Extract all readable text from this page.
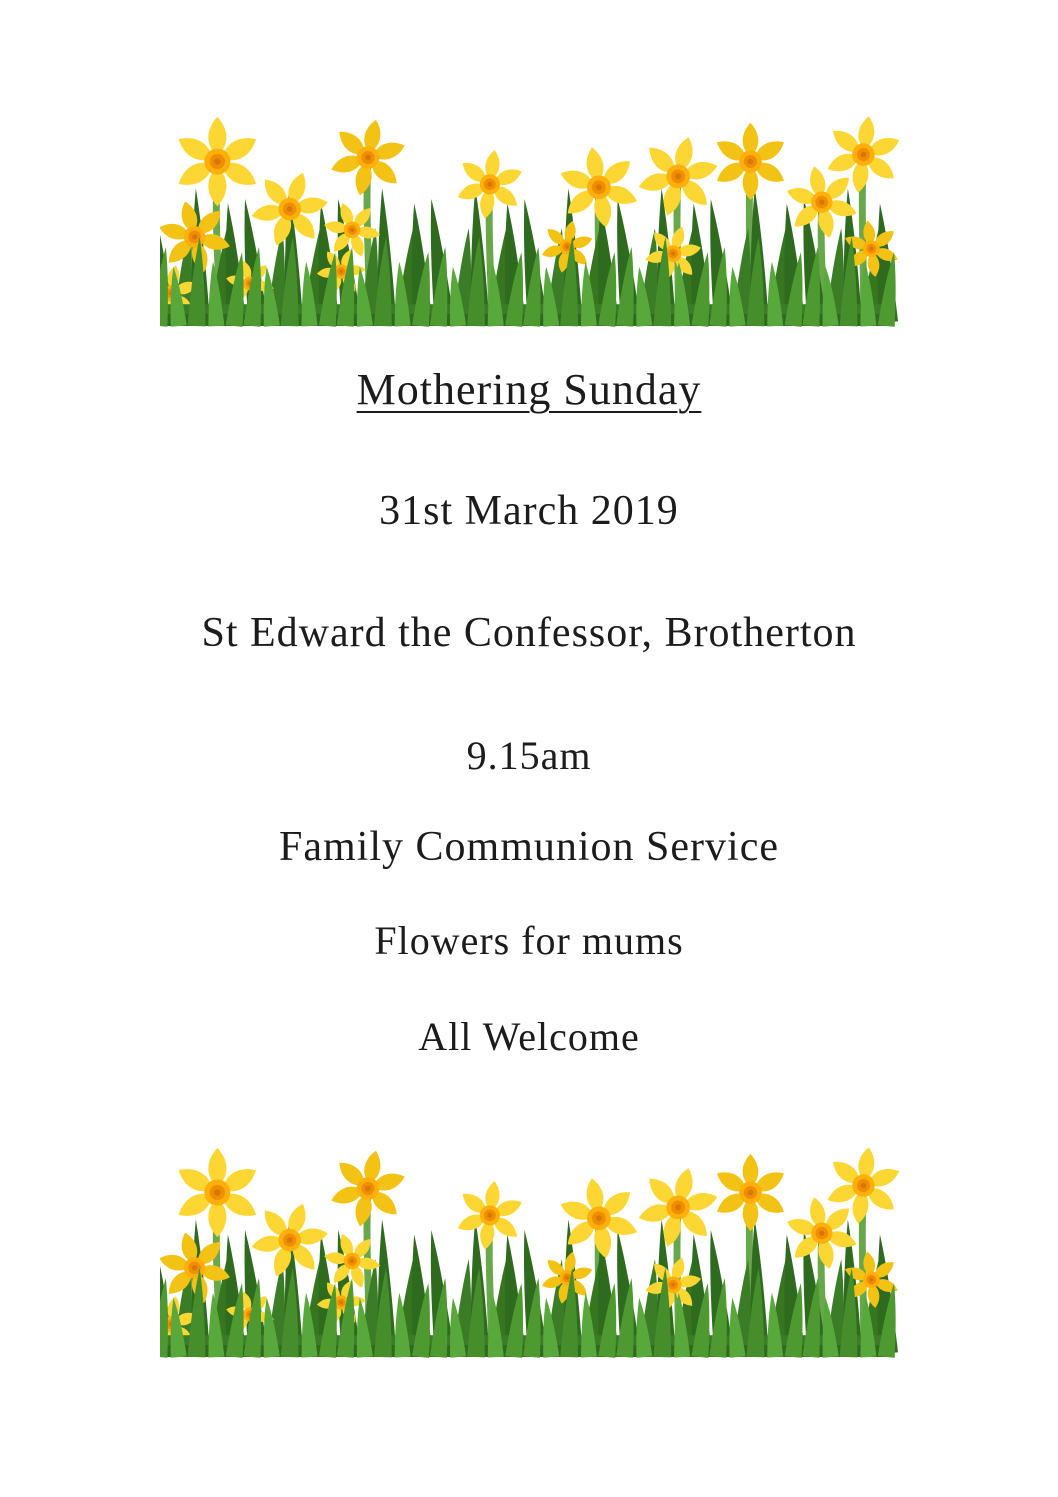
Mothering Sunday
31st March 2019
St Edward the Confessor, Brotherton
9.15am
Family Communion Service
Flowers for mums
All Welcome
